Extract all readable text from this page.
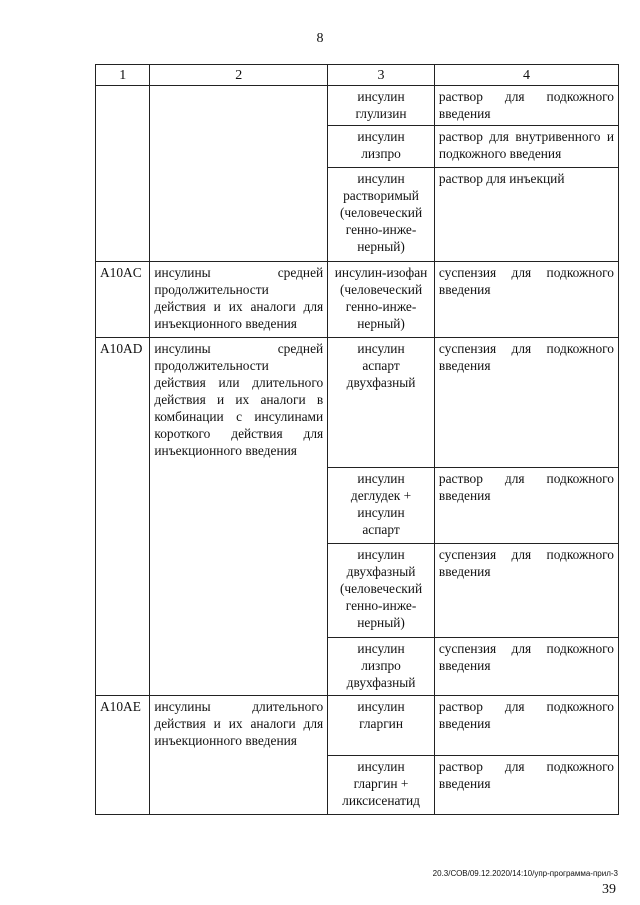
8
1	2	3	4
		инсулин
глулизин	раствор для подкожного введения
		инсулин
лизпро	раствор для внутривенного и подкожного введения
		инсулин
растворимый
(человеческий
генно-инже-
нерный)	раствор для инъекций
A10AC	инсулины средней продолжительности действия и их аналоги для инъекционного введения	инсулин-изофан
(человеческий
генно-инже-
нерный)	суспензия для подкожного введения
A10AD	инсулины средней продолжительности действия или длительного действия и их аналоги в комбинации с инсулинами короткого действия для инъекционного введения	инсулин
аспарт
двухфазный	суспензия для подкожного введения
		инсулин
деглудек +
инсулин
аспарт	раствор для подкожного введения
		инсулин
двухфазный
(человеческий
генно-инже-
нерный)	суспензия для подкожного введения
		инсулин
лизпро
двухфазный	суспензия для подкожного введения
A10AE	инсулины длительного действия и их аналоги для инъекционного введения	инсулин
гларгин	раствор для подкожного введения
		инсулин
гларгин +
ликсисенатид	раствор для подкожного введения
20.3/СОВ/09.12.2020/14:10/упр-программа-прил-3
39
